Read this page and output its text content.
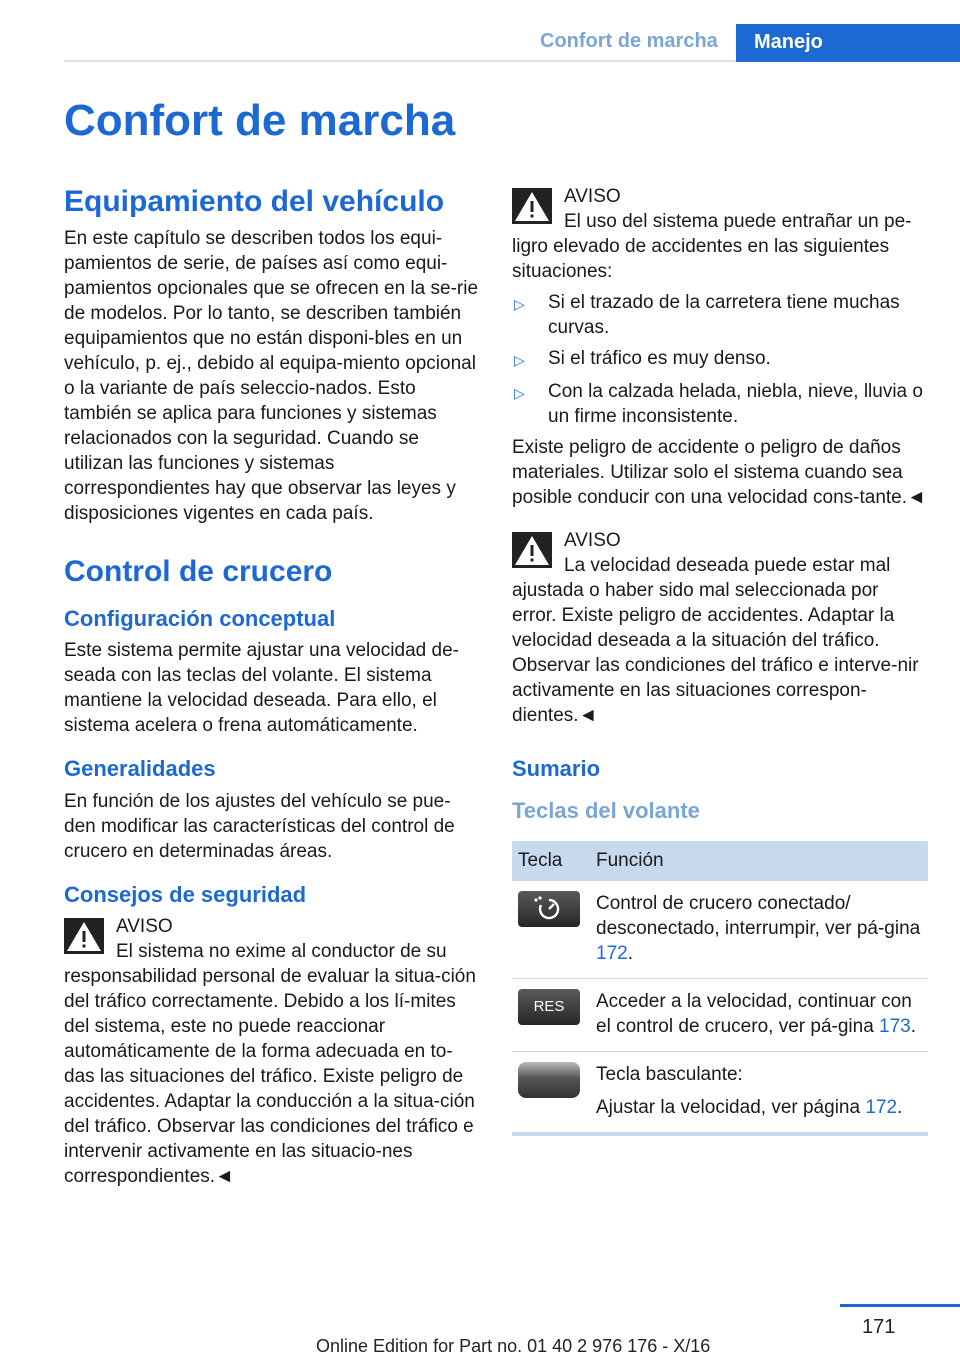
Confort de marcha Manejo
Confort de marcha
Equipamiento del vehículo

En este capítulo se describen todos los equi-pamientos de serie, de países así como equi-pamientos opcionales que se ofrecen en la se-rie de modelos. Por lo tanto, se describen también equipamientos que no están disponi-bles en un vehículo, p. ej., debido al equipa-miento opcional o la variante de país seleccio-nados. Esto también se aplica para funciones y sistemas relacionados con la seguridad. Cuando se utilizan las funciones y sistemas correspondientes hay que observar las leyes y disposiciones vigentes en cada país.

Control de crucero
Configuración conceptual

Este sistema permite ajustar una velocidad de-seada con las teclas del volante. El sistema mantiene la velocidad deseada. Para ello, el sistema acelera o frena automáticamente.

Generalidades

En función de los ajustes del vehículo se pue-den modificar las características del control de crucero en determinadas áreas.

Consejos de seguridad
AVISO

El sistema no exime al conductor de su responsabilidad personal de evaluar la situa-ción del tráfico correctamente. Debido a los lí-mites del sistema, este no puede reaccionar automáticamente de la forma adecuada en to-das las situaciones del tráfico. Existe peligro de accidentes. Adaptar la conducción a la situa-ción del tráfico. Observar las condiciones del tráfico e intervenir activamente en las situacio-nes correspondientes.◄

AVISO

El uso del sistema puede entrañar un pe-ligro elevado de accidentes en las siguientes situaciones:

▷	Si el trazado de la carretera tiene muchas curvas.
▷	Si el tráfico es muy denso.
▷	Con la calzada helada, niebla, nieve, lluvia o un firme inconsistente.

Existe peligro de accidente o peligro de daños materiales. Utilizar solo el sistema cuando sea posible conducir con una velocidad cons-tante.◄

AVISO

La velocidad deseada puede estar mal ajustada o haber sido mal seleccionada por error. Existe peligro de accidentes. Adaptar la velocidad deseada a la situación del tráfico. Observar las condiciones del tráfico e interve-nir activamente en las situaciones correspon-dientes.◄

Sumario
Teclas del volante
Tecla	Función

	Control de crucero conectado/ desconectado, interrumpir, ver pá-gina 172.

RES	Acceder a la velocidad, continuar con el control de crucero, ver pá-gina 173.

	Tecla basculante:
Ajustar la velocidad, ver página 172.
171
Online Edition for Part no. 01 40 2 976 176 - X/16
